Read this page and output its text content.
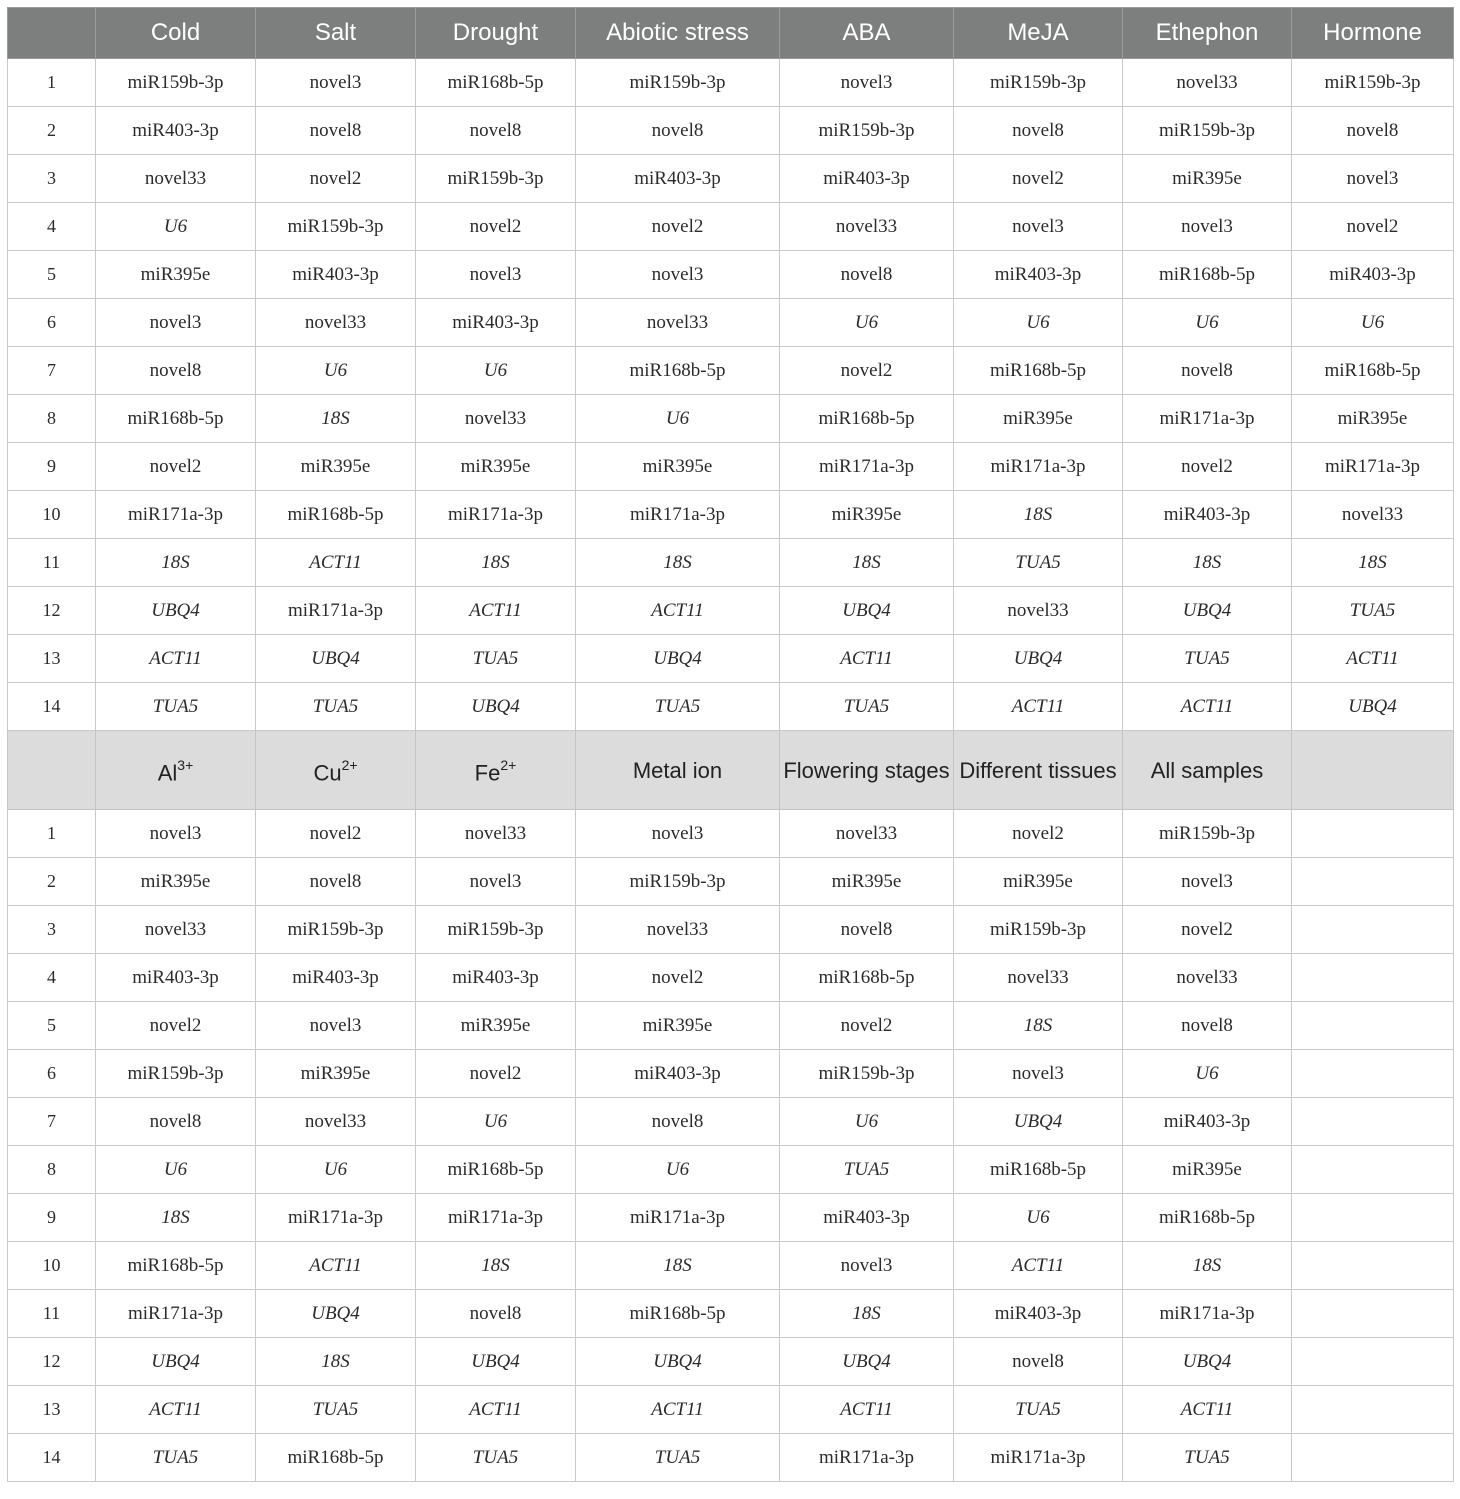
	Cold	Salt	Drought	Abiotic stress	ABA	MeJA	Ethephon	Hormone
1	miR159b-3p	novel3	miR168b-5p	miR159b-3p	novel3	miR159b-3p	novel33	miR159b-3p
2	miR403-3p	novel8	novel8	novel8	miR159b-3p	novel8	miR159b-3p	novel8
3	novel33	novel2	miR159b-3p	miR403-3p	miR403-3p	novel2	miR395e	novel3
4	U6	miR159b-3p	novel2	novel2	novel33	novel3	novel3	novel2
5	miR395e	miR403-3p	novel3	novel3	novel8	miR403-3p	miR168b-5p	miR403-3p
6	novel3	novel33	miR403-3p	novel33	U6	U6	U6	U6
7	novel8	U6	U6	miR168b-5p	novel2	miR168b-5p	novel8	miR168b-5p
8	miR168b-5p	18S	novel33	U6	miR168b-5p	miR395e	miR171a-3p	miR395e
9	novel2	miR395e	miR395e	miR395e	miR171a-3p	miR171a-3p	novel2	miR171a-3p
10	miR171a-3p	miR168b-5p	miR171a-3p	miR171a-3p	miR395e	18S	miR403-3p	novel33
11	18S	ACT11	18S	18S	18S	TUA5	18S	18S
12	UBQ4	miR171a-3p	ACT11	ACT11	UBQ4	novel33	UBQ4	TUA5
13	ACT11	UBQ4	TUA5	UBQ4	ACT11	UBQ4	TUA5	ACT11
14	TUA5	TUA5	UBQ4	TUA5	TUA5	ACT11	ACT11	UBQ4
	$Al^{3+}$	$Cu^{2+}$	$Fe^{2+}$	Metal ion	Flowering stages	Different tissues	All samples	
1	novel3	novel2	novel33	novel3	novel33	novel2	miR159b-3p	
2	miR395e	novel8	novel3	miR159b-3p	miR395e	miR395e	novel3	
3	novel33	miR159b-3p	miR159b-3p	novel33	novel8	miR159b-3p	novel2	
4	miR403-3p	miR403-3p	miR403-3p	novel2	miR168b-5p	novel33	novel33	
5	novel2	novel3	miR395e	miR395e	novel2	18S	novel8	
6	miR159b-3p	miR395e	novel2	miR403-3p	miR159b-3p	novel3	U6	
7	novel8	novel33	U6	novel8	U6	UBQ4	miR403-3p	
8	U6	U6	miR168b-5p	U6	TUA5	miR168b-5p	miR395e	
9	18S	miR171a-3p	miR171a-3p	miR171a-3p	miR403-3p	U6	miR168b-5p	
10	miR168b-5p	ACT11	18S	18S	novel3	ACT11	18S	
11	miR171a-3p	UBQ4	novel8	miR168b-5p	18S	miR403-3p	miR171a-3p	
12	UBQ4	18S	UBQ4	UBQ4	UBQ4	novel8	UBQ4	
13	ACT11	TUA5	ACT11	ACT11	ACT11	TUA5	ACT11	
14	TUA5	miR168b-5p	TUA5	TUA5	miR171a-3p	miR171a-3p	TUA5	
